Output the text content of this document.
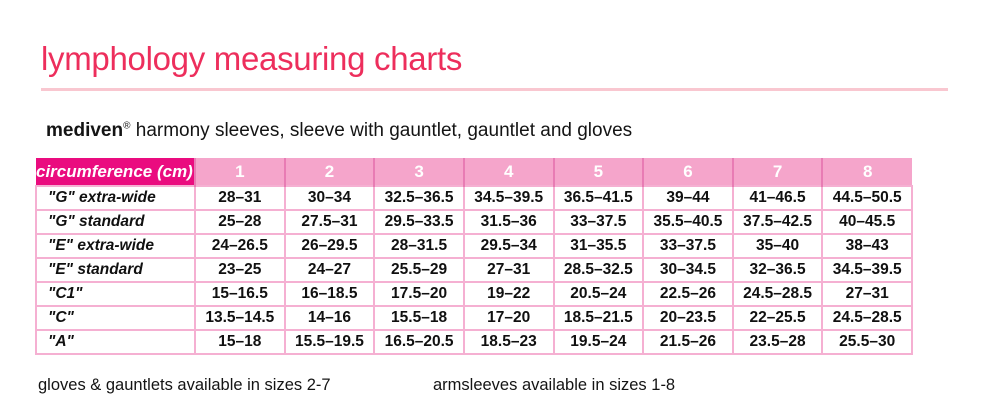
lymphology measuring charts
mediven® harmony sleeves, sleeve with gauntlet, gauntlet and gloves
circumference (cm)	1	2	3	4	5	6	7	8
"G" extra-wide	28–31	30–34	32.5–36.5	34.5–39.5	36.5–41.5	39–44	41–46.5	44.5–50.5
"G" standard	25–28	27.5–31	29.5–33.5	31.5–36	33–37.5	35.5–40.5	37.5–42.5	40–45.5
"E" extra-wide	24–26.5	26–29.5	28–31.5	29.5–34	31–35.5	33–37.5	35–40	38–43
"E" standard	23–25	24–27	25.5–29	27–31	28.5–32.5	30–34.5	32–36.5	34.5–39.5
"C1"	15–16.5	16–18.5	17.5–20	19–22	20.5–24	22.5–26	24.5–28.5	27–31
"C"	13.5–14.5	14–16	15.5–18	17–20	18.5–21.5	20–23.5	22–25.5	24.5–28.5
"A"	15–18	15.5–19.5	16.5–20.5	18.5–23	19.5–24	21.5–26	23.5–28	25.5–30
gloves & gauntlets available in sizes 2-7	armsleeves available in sizes 1-8
